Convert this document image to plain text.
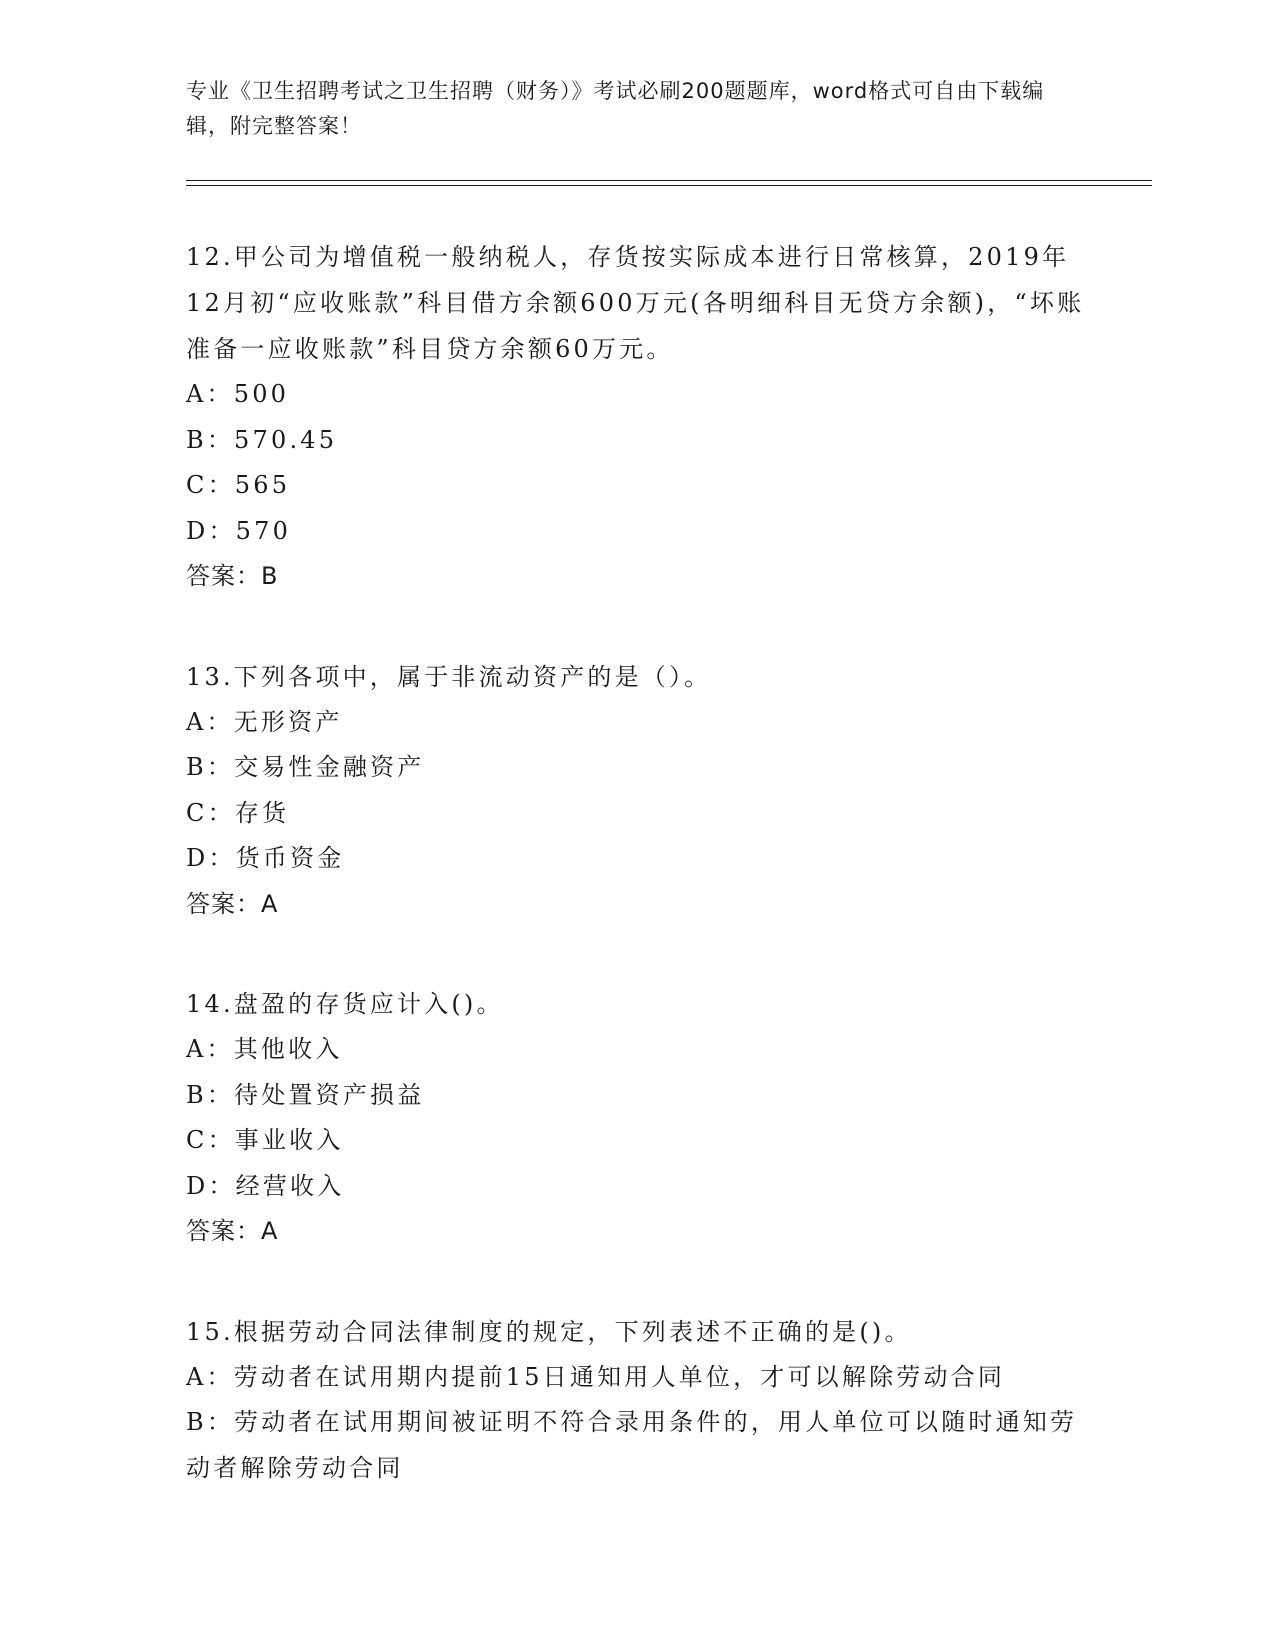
专业《卫生招聘考试之卫生招聘（财务）》考试必刷200题题库，word格式可自由下载编辑，附完整答案！

12.甲公司为增值税一般纳税人，存货按实际成本进行日常核算，2019年12月初“应收账款”科目借方余额600万元(各明细科目无贷方余额)，“坏账准备一应收账款”科目贷方余额60万元。

A：500

B：570.45

C：565

D：570

答案：B

13.下列各项中，属于非流动资产的是（）。

A：无形资产

B：交易性金融资产

C：存货

D：货币资金

答案：A

14.盘盈的存货应计入()。

A：其他收入

B：待处置资产损益

C：事业收入

D：经营收入

答案：A

15.根据劳动合同法律制度的规定，下列表述不正确的是()。

A：劳动者在试用期内提前15日通知用人单位，才可以解除劳动合同

B：劳动者在试用期间被证明不符合录用条件的，用人单位可以随时通知劳动者解除劳动合同
